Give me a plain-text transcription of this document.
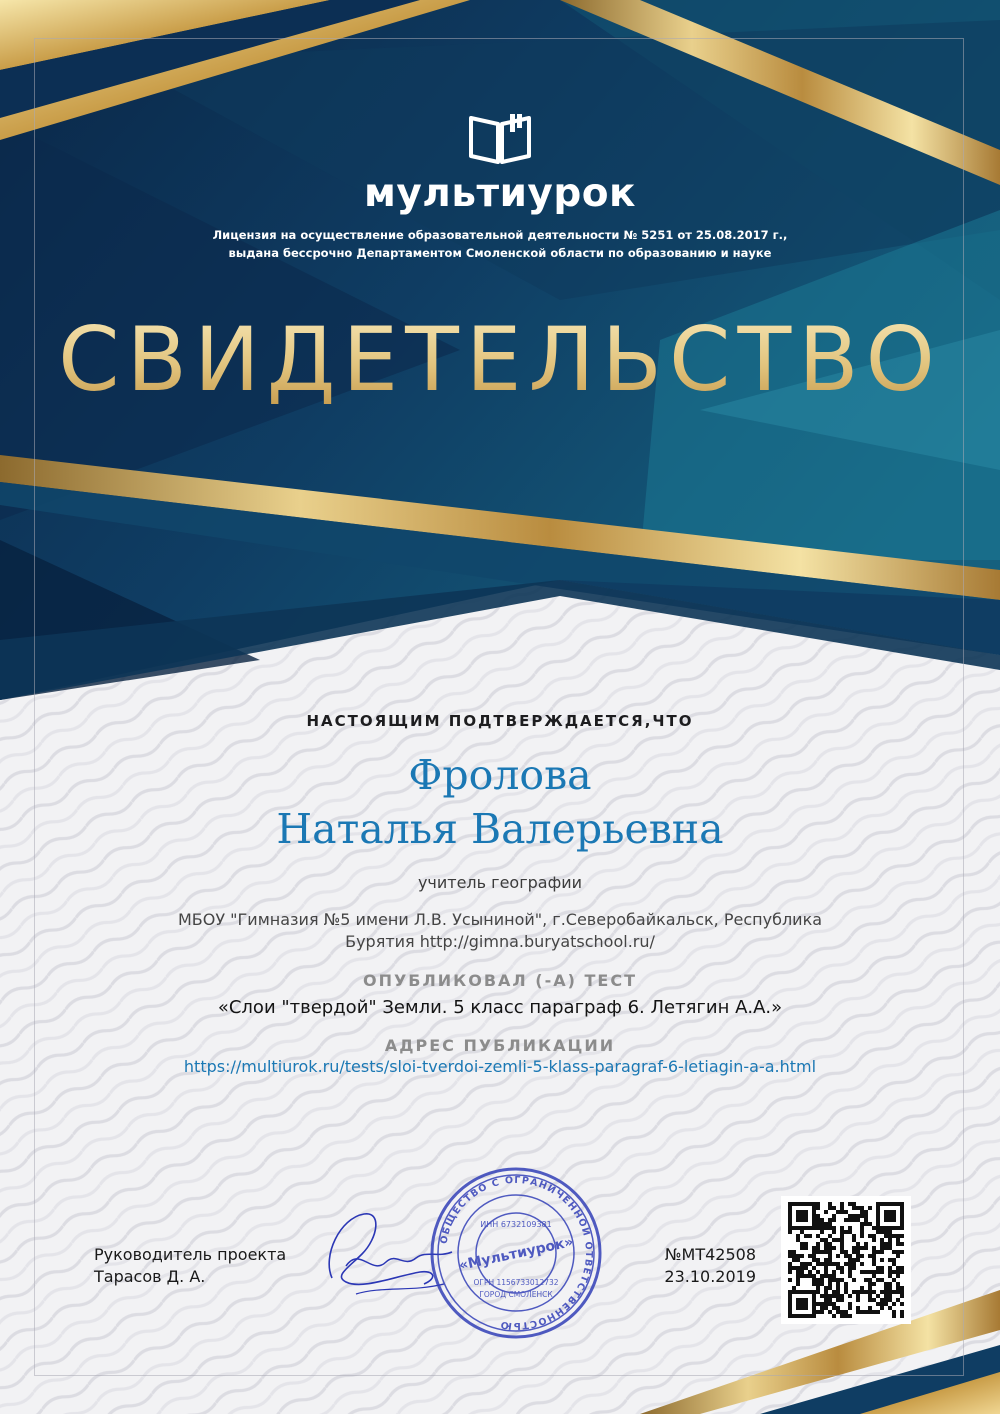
мультиурок
Лицензия на осуществление образовательной деятельности № 5251 от 25.08.2017 г.,
выдана бессрочно Департаментом Смоленской области по образованию и науке
СВИДЕТЕЛЬСТВО
НАСТОЯЩИМ ПОДТВЕРЖДАЕТСЯ,ЧТО
Фролова
Наталья Валерьевна
учитель географии
МБОУ "Гимназия №5 имени Л.В. Усыниной", г.Северобайкальск, Республика
Бурятия http://gimna.buryatschool.ru/
ОПУБЛИКОВАЛ (-А) ТЕСТ
«Слои "твердой" Земли. 5 класс параграф 6. Летягин А.А.»
АДРЕС ПУБЛИКАЦИИ
https://multiurok.ru/tests/sloi-tverdoi-zemli-5-klass-paragraf-6-letiagin-a-a.html
Руководитель проекта
Тарасов Д. А.
ОБЩЕСТВО С ОГРАНИЧЕННОЙ ОТВЕТСТВЕННОСТЬЮ
ИНН 6732109381
«Мультиурок»
ОГРН 1156733012732
ГОРОД СМОЛЕНСК
№МТ42508
23.10.2019
